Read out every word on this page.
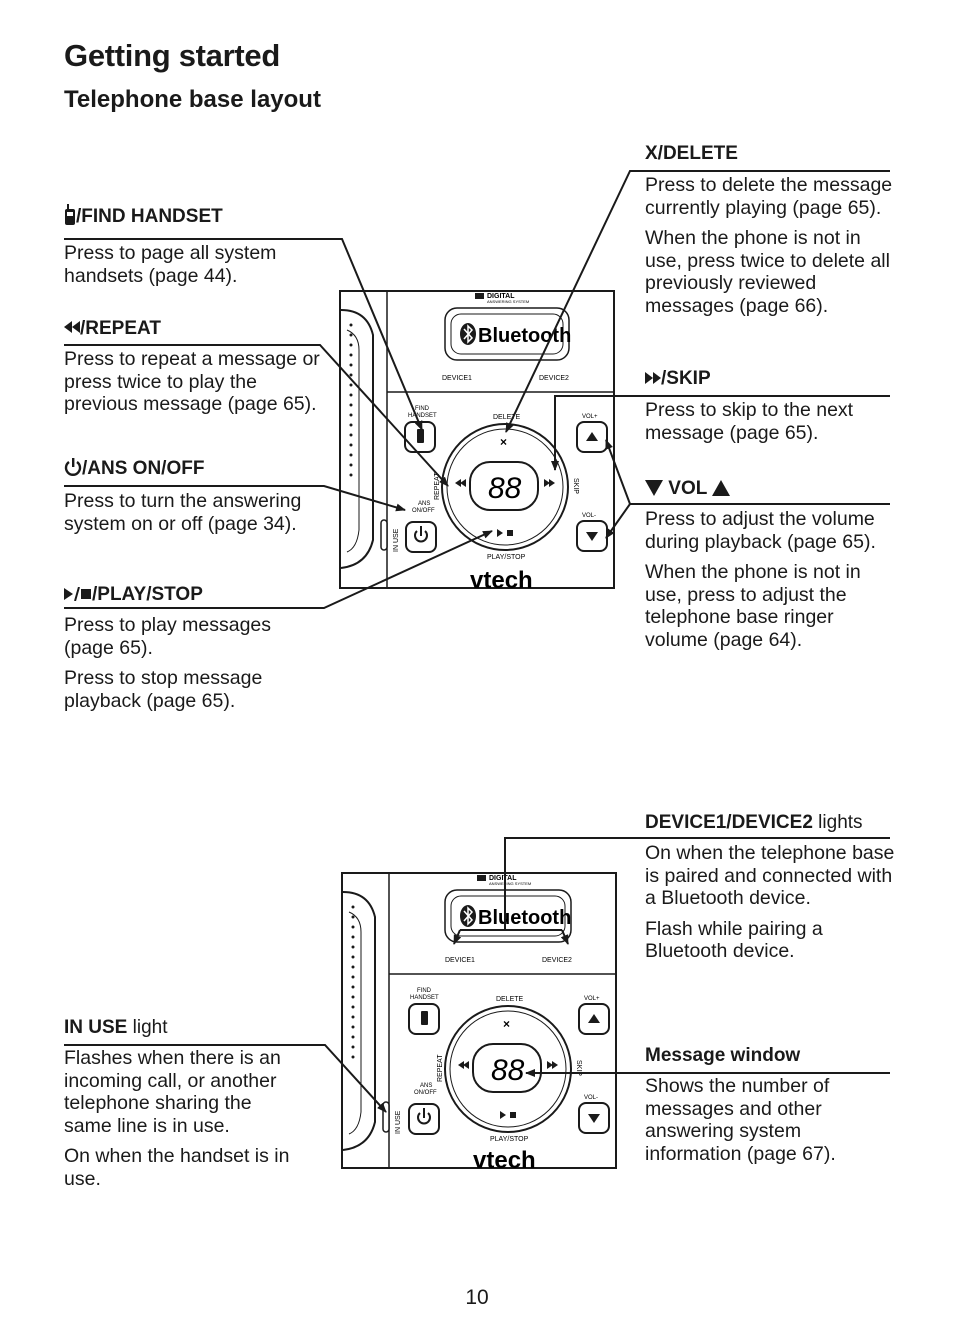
Getting started
Telephone base layout
/FIND HANDSET

Press to page all system handsets (page 44).

/REPEAT

Press to repeat a message or press twice to play the previous message (page 65).

/ANS ON/OFF

Press to turn the answering system on or off (page 34).

/PLAY/STOP

Press to play messages (page 65).

Press to stop message playback (page 65).

X/DELETE

Press to delete the message currently playing (page 65).

When the phone is not in use, press twice to delete all previously reviewed messages (page 66).

/SKIP

Press to skip to the next message (page 65).

VOL

Press to adjust the volume during playback (page 65).

When the phone is not in use, press to adjust the telephone base ringer volume (page 64).

DEVICE1/DEVICE2 lights

On when the telephone base is paired and connected with a Bluetooth device.

Flash while pairing a Bluetooth device.

Message window

Shows the number of messages and other answering system information (page 67).

IN USE light

Flashes when there is an incoming call, or another telephone sharing the same line is in use.

On when the handset is in use.

DIGITAL
ANSWERING SYSTEM
Bluetooth
DEVICE1	DEVICE2
FIND
HANDSET	DELETE	VOL+
×
88
PLAY/STOP
REPEAT	SKIP
VOL-
ANS
ON/OFF
IN USE
vtech
DIGITAL
ANSWERING SYSTEM
Bluetooth
DEVICE1	DEVICE2
FIND
HANDSET	DELETE	VOL+
×
88
PLAY/STOP
REPEAT	SKIP
VOL-
ANS
ON/OFF
IN USE
vtech
10
